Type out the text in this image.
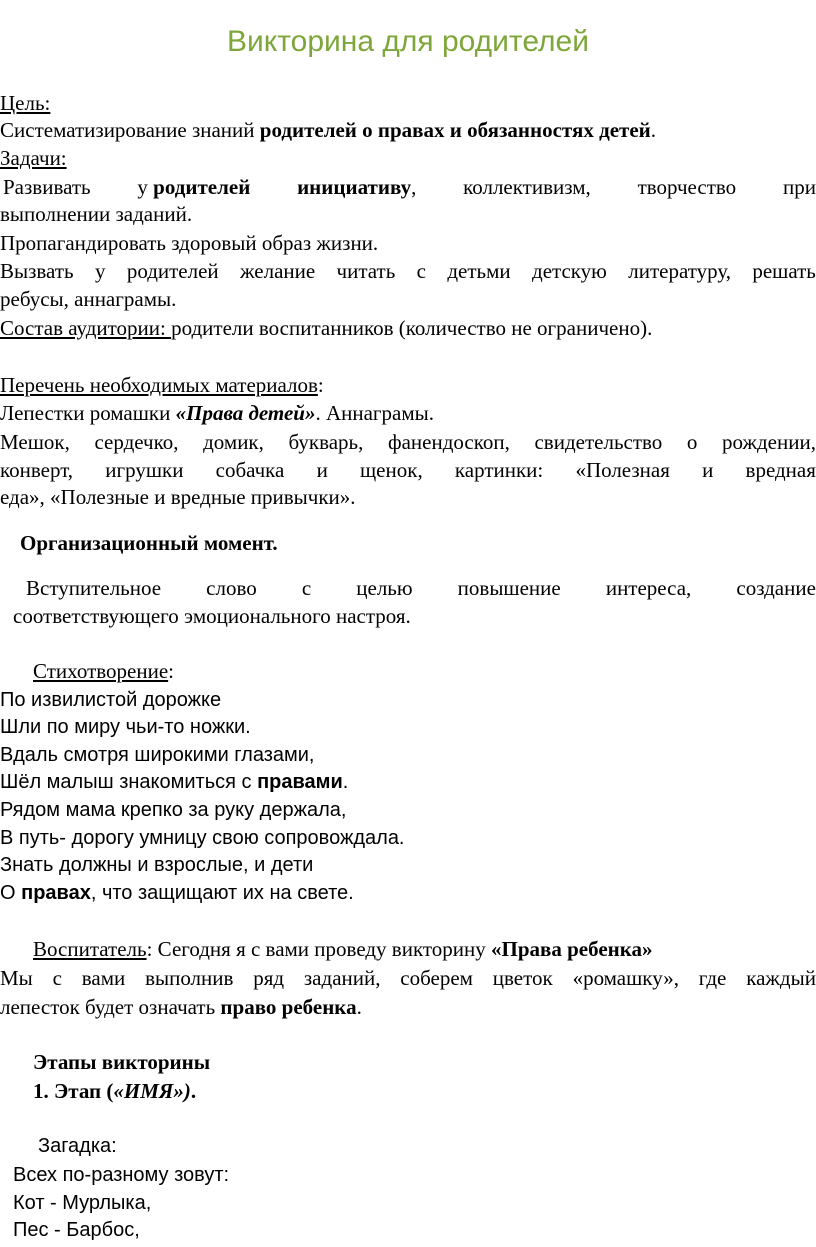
Викторина для родителей
Цель:
Систематизирование знаний родителей о правах и обязанностях детей.
Задачи:
Развивать у родителей инициативу, коллективизм, творчество при
выполнении заданий.
Пропагандировать здоровый образ жизни.
Вызвать у родителей желание читать с детьми детскую литературу, решать
ребусы, аннаграмы.
Состав аудитории: родители воспитанников (количество не ограничено).
Перечень необходимых материалов:
Лепестки ромашки «Права детей». Аннаграмы.
Мешок, сердечко, домик, букварь, фанендоскоп, свидетельство о рождении,
конверт, игрушки собачка и щенок, картинки: «Полезная и вредная
еда», «Полезные и вредные привычки».
Организационный момент.
Вступительное слово с целью повышение интереса, создание
соответствующего эмоционального настроя.
Стихотворение:
По извилистой дорожке
Шли по миру чьи-то ножки.
Вдаль смотря широкими глазами,
Шёл малыш знакомиться с правами.
Рядом мама крепко за руку держала,
В путь- дорогу умницу свою сопровождала.
Знать должны и взрослые, и дети
О правах, что защищают их на свете.
Воспитатель: Сегодня я с вами проведу викторину «Права ребенка»
Мы с вами выполнив ряд заданий, соберем цветок «ромашку», где каждый
лепесток будет означать право ребенка.
Этапы викторины
1. Этап («ИМЯ»).
Загадка:
Всех по-разному зовут:
Кот - Мурлыка,
Пес - Барбос,
